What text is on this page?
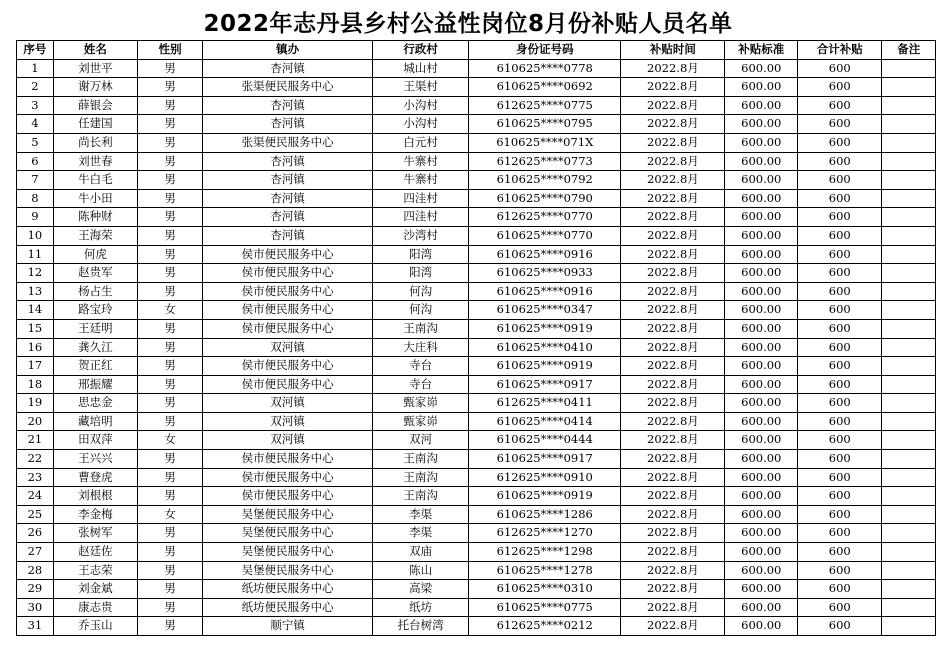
2022年志丹县乡村公益性岗位8月份补贴人员名单
序号	姓名	性别	镇办	行政村	身份证号码	补贴时间	补贴标准	合计补贴	备注
1	刘世平	男	杏河镇	城山村	610625****0778	2022.8月	600.00	600	
2	谢万林	男	张渠便民服务中心	王渠村	610625****0692	2022.8月	600.00	600	
3	薛银会	男	杏河镇	小沟村	612625****0775	2022.8月	600.00	600	
4	任建国	男	杏河镇	小沟村	610625****0795	2022.8月	600.00	600	
5	尚长利	男	张渠便民服务中心	白元村	610625****071X	2022.8月	600.00	600	
6	刘世春	男	杏河镇	牛寨村	612625****0773	2022.8月	600.00	600	
7	牛白毛	男	杏河镇	牛寨村	610625****0792	2022.8月	600.00	600	
8	牛小田	男	杏河镇	四洼村	610625****0790	2022.8月	600.00	600	
9	陈种财	男	杏河镇	四洼村	612625****0770	2022.8月	600.00	600	
10	王海荣	男	杏河镇	沙湾村	610625****0770	2022.8月	600.00	600	
11	何虎	男	侯市便民服务中心	阳湾	610625****0916	2022.8月	600.00	600	
12	赵贵军	男	侯市便民服务中心	阳湾	610625****0933	2022.8月	600.00	600	
13	杨占生	男	侯市便民服务中心	何沟	610625****0916	2022.8月	600.00	600	
14	路宝玲	女	侯市便民服务中心	何沟	610625****0347	2022.8月	600.00	600	
15	王廷明	男	侯市便民服务中心	王南沟	610625****0919	2022.8月	600.00	600	
16	龚久江	男	双河镇	大庄科	610625****0410	2022.8月	600.00	600	
17	贺正红	男	侯市便民服务中心	寺台	610625****0919	2022.8月	600.00	600	
18	邢振耀	男	侯市便民服务中心	寺台	610625****0917	2022.8月	600.00	600	
19	思忠金	男	双河镇	甄家峁	612625****0411	2022.8月	600.00	600	
20	藏培明	男	双河镇	甄家峁	610625****0414	2022.8月	600.00	600	
21	田双萍	女	双河镇	双河	610625****0444	2022.8月	600.00	600	
22	王兴兴	男	侯市便民服务中心	王南沟	610625****0917	2022.8月	600.00	600	
23	曹登虎	男	侯市便民服务中心	王南沟	612625****0910	2022.8月	600.00	600	
24	刘根根	男	侯市便民服务中心	王南沟	610625****0919	2022.8月	600.00	600	
25	李金梅	女	吴堡便民服务中心	李渠	610625****1286	2022.8月	600.00	600	
26	张树军	男	吴堡便民服务中心	李渠	612625****1270	2022.8月	600.00	600	
27	赵廷佐	男	吴堡便民服务中心	双庙	612625****1298	2022.8月	600.00	600	
28	王志荣	男	吴堡便民服务中心	陈山	610625****1278	2022.8月	600.00	600	
29	刘金斌	男	纸坊便民服务中心	高梁	610625****0310	2022.8月	600.00	600	
30	康志贵	男	纸坊便民服务中心	纸坊	610625****0775	2022.8月	600.00	600	
31	乔玉山	男	顺宁镇	托台树湾	612625****0212	2022.8月	600.00	600	
